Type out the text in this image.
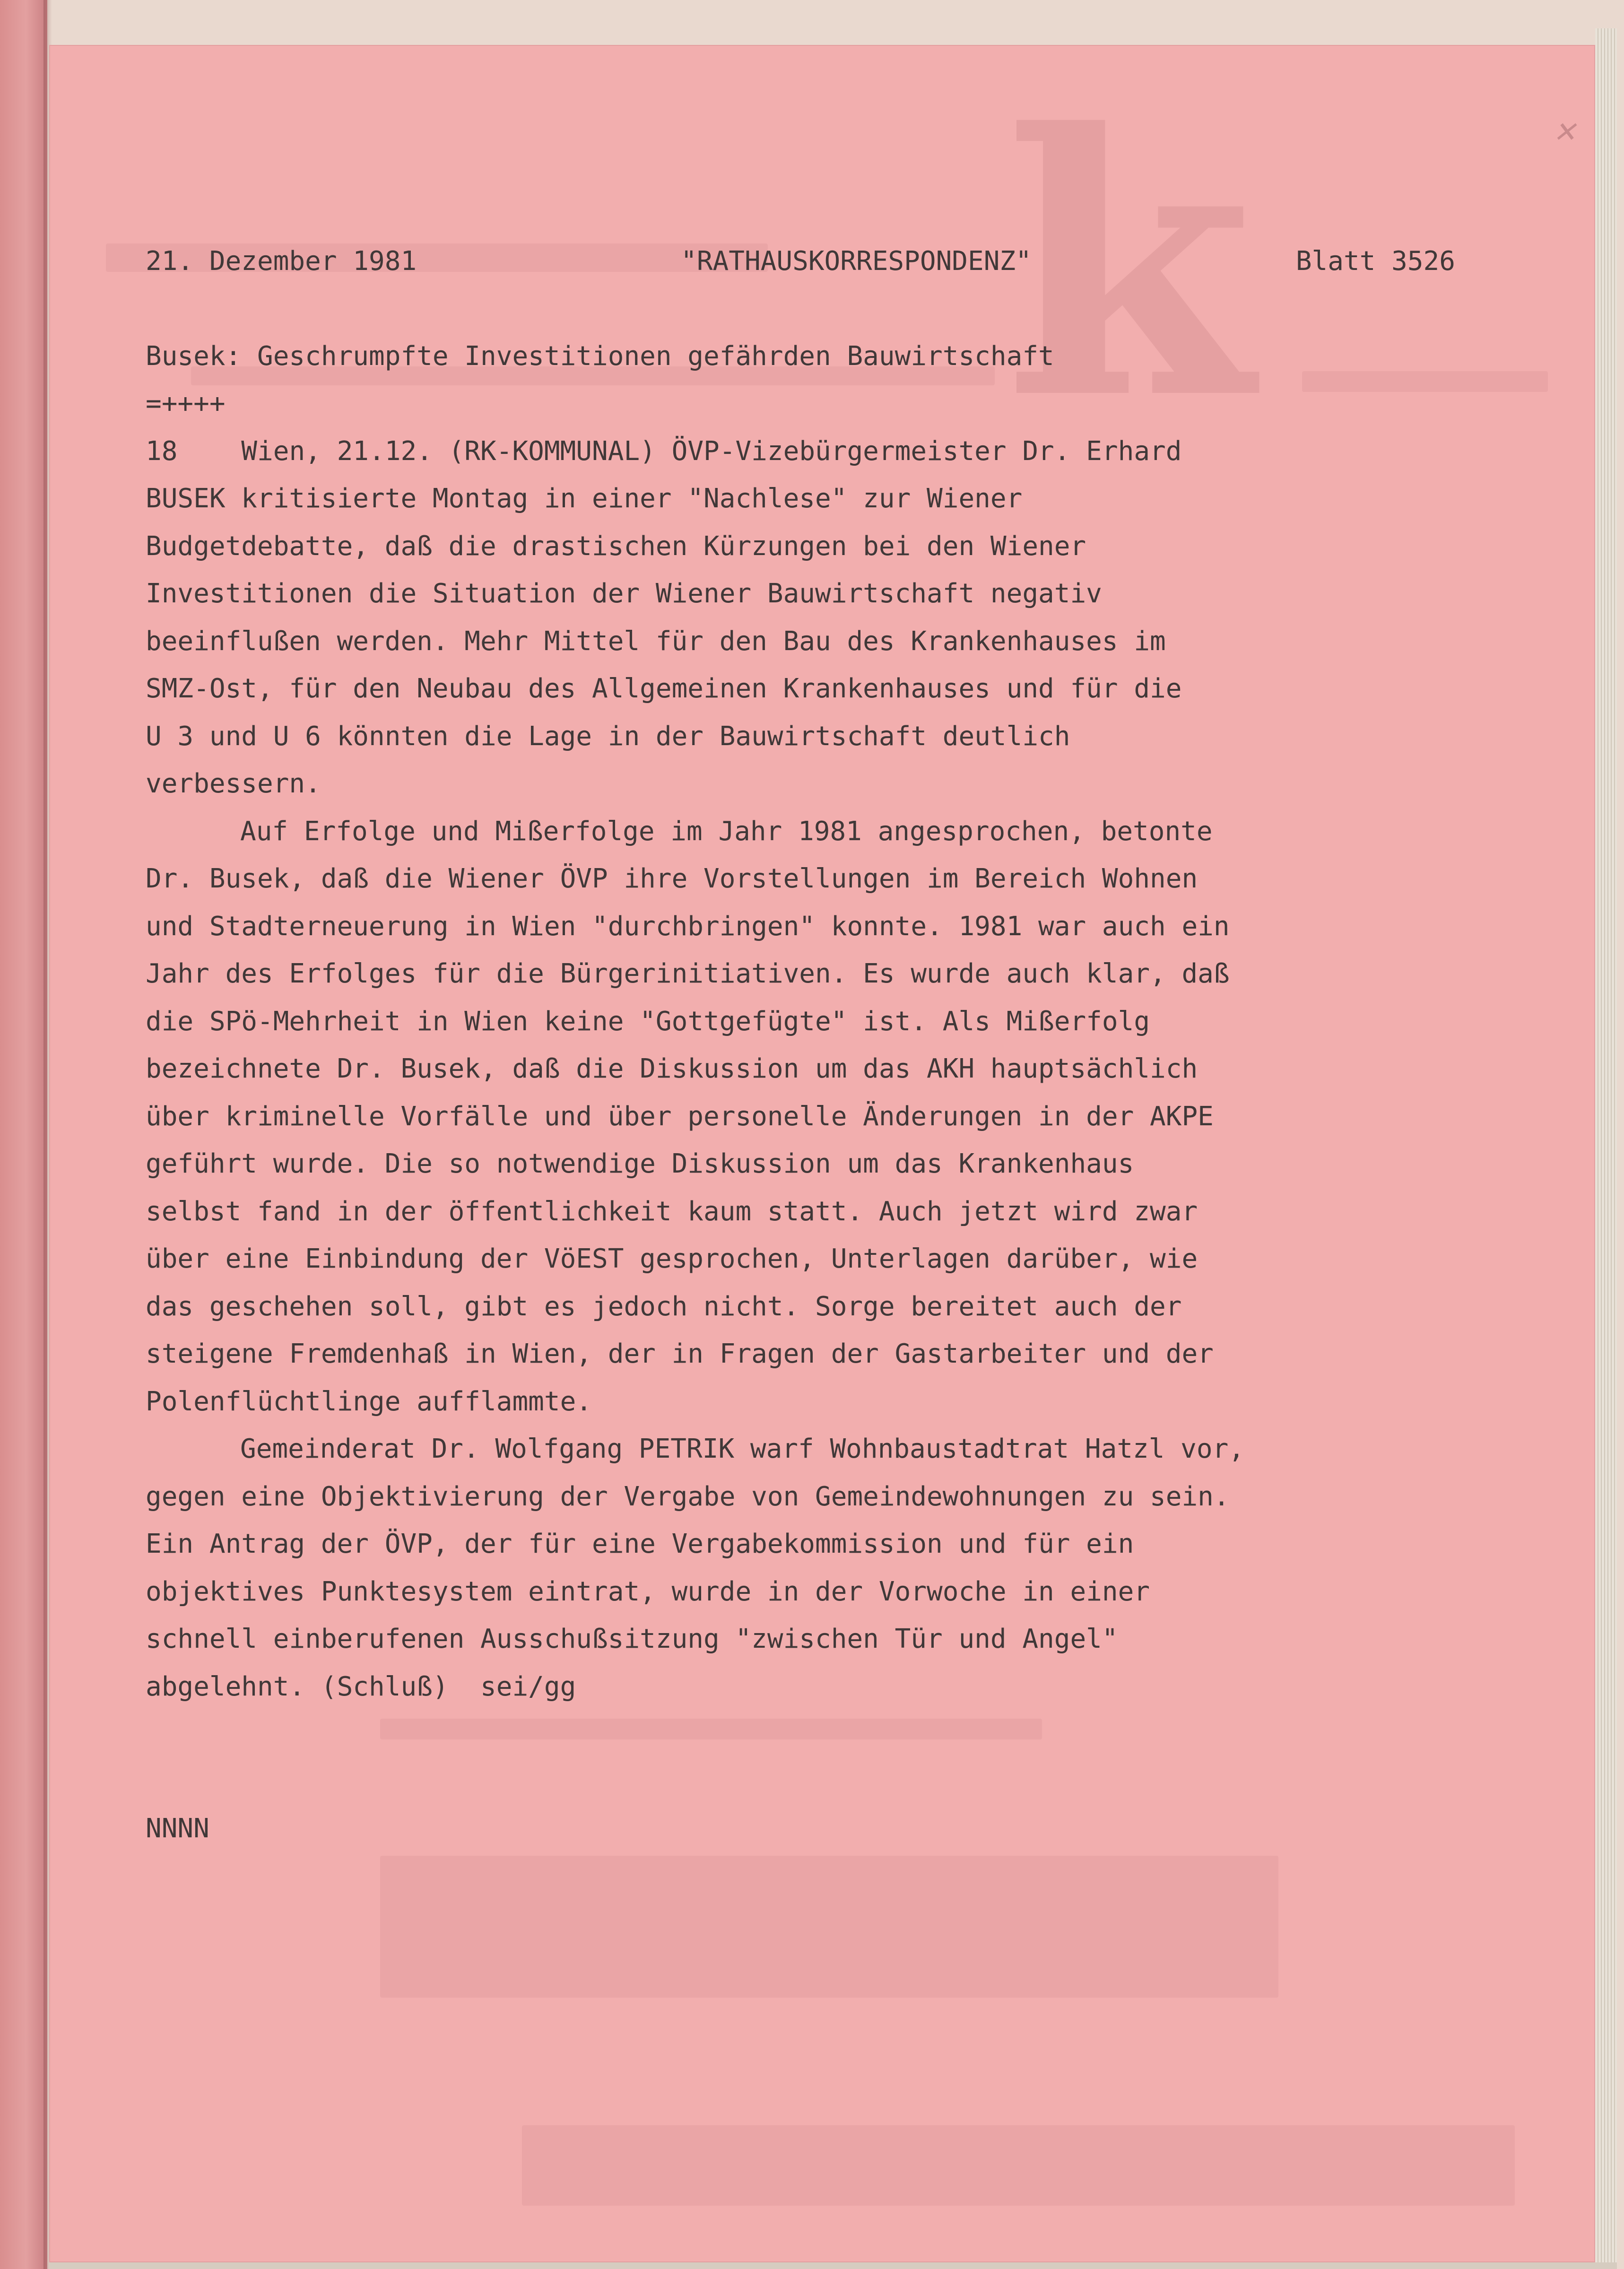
k	✕
21. Dezember 1981	"RATHAUSKORRESPONDENZ"	Blatt 3526
Busek: Geschrumpfte Investitionen gefährden Bauwirtschaft
=++++
18 Wien, 21.12. (RK-KOMMUNAL) ÖVP-Vizebürgermeister Dr. Erhard
BUSEK kritisierte Montag in einer "Nachlese" zur Wiener
Budgetdebatte, daß die drastischen Kürzungen bei den Wiener
Investitionen die Situation der Wiener Bauwirtschaft negativ
beeinflußen werden. Mehr Mittel für den Bau des Krankenhauses im
SMZ-Ost, für den Neubau des Allgemeinen Krankenhauses und für die
U 3 und U 6 könnten die Lage in der Bauwirtschaft deutlich
verbessern.
Auf Erfolge und Mißerfolge im Jahr 1981 angesprochen, betonte
Dr. Busek, daß die Wiener ÖVP ihre Vorstellungen im Bereich Wohnen
und Stadterneuerung in Wien "durchbringen" konnte. 1981 war auch ein
Jahr des Erfolges für die Bürgerinitiativen. Es wurde auch klar, daß
die SPö-Mehrheit in Wien keine "Gottgefügte" ist. Als Mißerfolg
bezeichnete Dr. Busek, daß die Diskussion um das AKH hauptsächlich
über kriminelle Vorfälle und über personelle Änderungen in der AKPE
geführt wurde. Die so notwendige Diskussion um das Krankenhaus
selbst fand in der öffentlichkeit kaum statt. Auch jetzt wird zwar
über eine Einbindung der VöEST gesprochen, Unterlagen darüber, wie
das geschehen soll, gibt es jedoch nicht. Sorge bereitet auch der
steigene Fremdenhaß in Wien, der in Fragen der Gastarbeiter und der
Polenflüchtlinge aufflammte.
Gemeinderat Dr. Wolfgang PETRIK warf Wohnbaustadtrat Hatzl vor,
gegen eine Objektivierung der Vergabe von Gemeindewohnungen zu sein.
Ein Antrag der ÖVP, der für eine Vergabekommission und für ein
objektives Punktesystem eintrat, wurde in der Vorwoche in einer
schnell einberufenen Ausschußsitzung "zwischen Tür und Angel"
abgelehnt. (Schluß)  sei/gg
NNNN
